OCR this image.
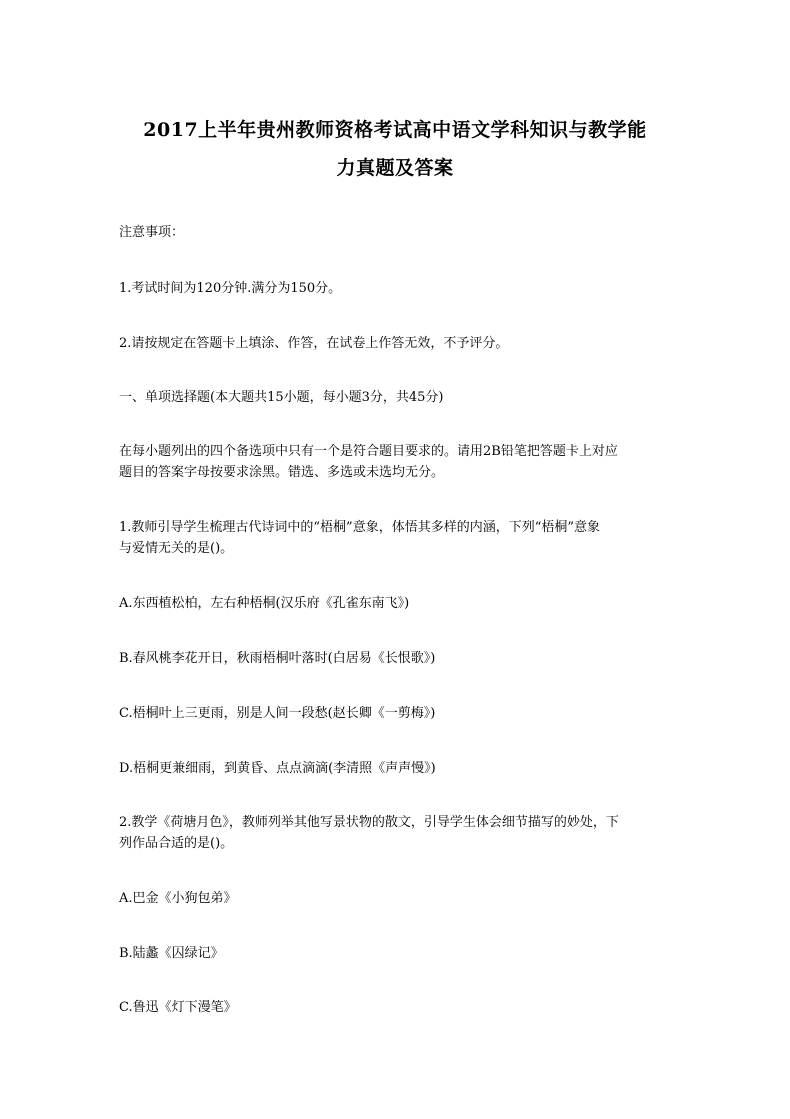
2017上半年贵州教师资格考试高中语文学科知识与教学能
力真题及答案
注意事项：
1.考试时间为120分钟.满分为150分。
2.请按规定在答题卡上填涂、作答，在试卷上作答无效，不予评分。
一、单项选择题(本大题共15小题，每小题3分，共45分)
在每小题列出的四个备选项中只有一个是符合题目要求的。请用2B铅笔把答题卡上对应
题目的答案字母按要求涂黑。错选、多选或未选均无分。
1.教师引导学生梳理古代诗词中的“梧桐”意象，体悟其多样的内涵，下列“梧桐”意象
与爱情无关的是()。
A.东西植松柏，左右种梧桐(汉乐府《孔雀东南飞》)
B.春风桃李花开日，秋雨梧桐叶落时(白居易《长恨歌》)
C.梧桐叶上三更雨，别是人间一段愁(赵长卿《一剪梅》)
D.梧桐更兼细雨，到黄昏、点点滴滴(李清照《声声慢》)
2.教学《荷塘月色》，教师列举其他写景状物的散文，引导学生体会细节描写的妙处，下
列作品合适的是()。
A.巴金《小狗包弟》
B.陆蠡《囚绿记》
C.鲁迅《灯下漫笔》
